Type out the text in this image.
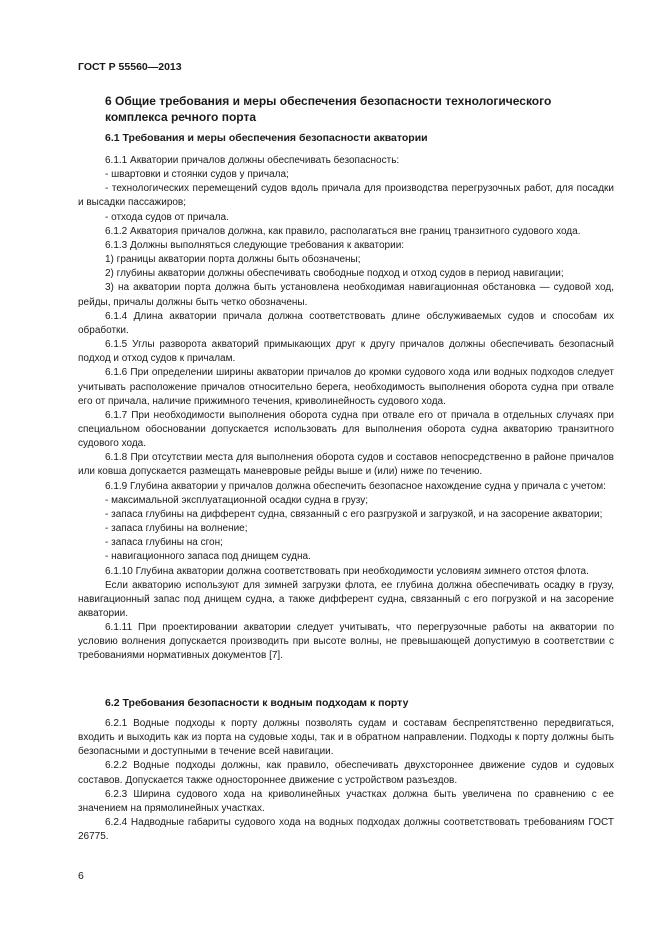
ГОСТ Р 55560—2013
6 Общие требования и меры обеспечения безопасности технологического комплекса речного порта
6.1 Требования и меры обеспечения безопасности акватории

6.1.1 Акватории причалов должны обеспечивать безопасность:

- швартовки и стоянки судов у причала;

- технологических перемещений судов вдоль причала для производства перегрузочных работ, для посадки и высадки пассажиров;

- отхода судов от причала.

6.1.2 Акватория причалов должна, как правило, располагаться вне границ транзитного судового хода.

6.1.3 Должны выполняться следующие требования к акватории:

1) границы акватории порта должны быть обозначены;

2) глубины акватории должны обеспечивать свободные подход и отход судов в период навигации;

3) на акватории порта должна быть установлена необходимая навигационная обстановка — судовой ход, рейды, причалы должны быть четко обозначены.

6.1.4 Длина акватории причала должна соответствовать длине обслуживаемых судов и способам их обработки.

6.1.5 Углы разворота акваторий примыкающих друг к другу причалов должны обеспечивать безопасный подход и отход судов к причалам.

6.1.6 При определении ширины акватории причалов до кромки судового хода или водных подходов следует учитывать расположение причалов относительно берега, необходимость выполнения оборота судна при отвале его от причала, наличие прижимного течения, криволинейность судового хода.

6.1.7 При необходимости выполнения оборота судна при отвале его от причала в отдельных случаях при специальном обосновании допускается использовать для выполнения оборота судна акваторию транзитного судового хода.

6.1.8 При отсутствии места для выполнения оборота судов и составов непосредственно в районе причалов или ковша допускается размещать маневровые рейды выше и (или) ниже по течению.

6.1.9 Глубина акватории у причалов должна обеспечить безопасное нахождение судна у причала с учетом:

- максимальной эксплуатационной осадки судна в грузу;

- запаса глубины на дифферент судна, связанный с его разгрузкой и загрузкой, и на засорение акватории;

- запаса глубины на волнение;

- запаса глубины на сгон;

- навигационного запаса под днищем судна.

6.1.10 Глубина акватории должна соответствовать при необходимости условиям зимнего отстоя флота.

Если акваторию используют для зимней загрузки флота, ее глубина должна обеспечивать осадку в грузу, навигационный запас под днищем судна, а также дифферент судна, связанный с его погрузкой и на засорение акватории.

6.1.11 При проектировании акватории следует учитывать, что перегрузочные работы на акватории по условию волнения допускается производить при высоте волны, не превышающей допустимую в соответствии с требованиями нормативных документов [7].

6.2 Требования безопасности к водным подходам к порту

6.2.1 Водные подходы к порту должны позволять судам и составам беспрепятственно передвигаться, входить и выходить как из порта на судовые ходы, так и в обратном направлении. Подходы к порту должны быть безопасными и доступными в течение всей навигации.

6.2.2 Водные подходы должны, как правило, обеспечивать двухстороннее движение судов и судовых составов. Допускается также одностороннее движение с устройством разъездов.

6.2.3 Ширина судового хода на криволинейных участках должна быть увеличена по сравнению с ее значением на прямолинейных участках.

6.2.4 Надводные габариты судового хода на водных подходах должны соответствовать требованиям ГОСТ 26775.

6
